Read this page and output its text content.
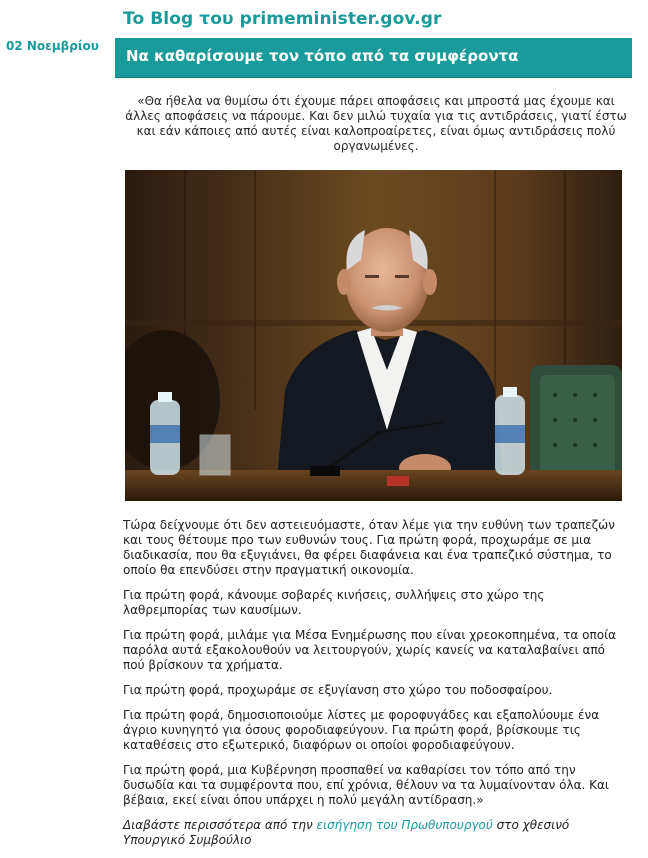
To Blog του primeminister.gov.gr
02 Νοεμβρίου
Να καθαρίσουμε τον τόπο από τα συμφέροντα

«Θα ήθελα να θυμίσω ότι έχουμε πάρει αποφάσεις και μπροστά μας έχουμε και άλλες αποφάσεις να πάρουμε. Και δεν μιλώ τυχαία για τις αντιδράσεις, γιατί έστω και εάν κάποιες από αυτές είναι καλοπροαίρετες, είναι όμως αντιδράσεις πολύ οργανωμένες.

Τώρα δείχνουμε ότι δεν αστειευόμαστε, όταν λέμε για την ευθύνη των τραπεζών και τους θέτουμε προ των ευθυνών τους. Για πρώτη φορά, προχωράμε σε μια διαδικασία, που θα εξυγιάνει, θα φέρει διαφάνεια και ένα τραπεζικό σύστημα, το οποίο θα επενδύσει στην πραγματική οικονομία.

Για πρώτη φορά, κάνουμε σοβαρές κινήσεις, συλλήψεις στο χώρο της λαθρεμπορίας των καυσίμων.

Για πρώτη φορά, μιλάμε για Μέσα Ενημέρωσης που είναι χρεοκοπημένα, τα οποία παρόλα αυτά εξακολουθούν να λειτουργούν, χωρίς κανείς να καταλαβαίνει από πού βρίσκουν τα χρήματα.

Για πρώτη φορά, προχωράμε σε εξυγίανση στο χώρο του ποδοσφαίρου.

Για πρώτη φορά, δημοσιοποιούμε λίστες με φοροφυγάδες και εξαπολύουμε ένα άγριο κυνηγητό για όσους φοροδιαφεύγουν. Για πρώτη φορά, βρίσκουμε τις καταθέσεις στο εξωτερικό, διαφόρων οι οποίοι φοροδιαφεύγουν.

Για πρώτη φορά, μια Κυβέρνηση προσπαθεί να καθαρίσει τον τόπο από την δυσωδία και τα συμφέροντα που, επί χρόνια, θέλουν να τα λυμαίνονταν όλα. Και βέβαια, εκεί είναι όπου υπάρχει η πολύ μεγάλη αντίδραση.»

Διαβάστε περισσότερα από την εισήγηση του Πρωθυπουργού στο χθεσινό Υπουργικό Συμβούλιο
